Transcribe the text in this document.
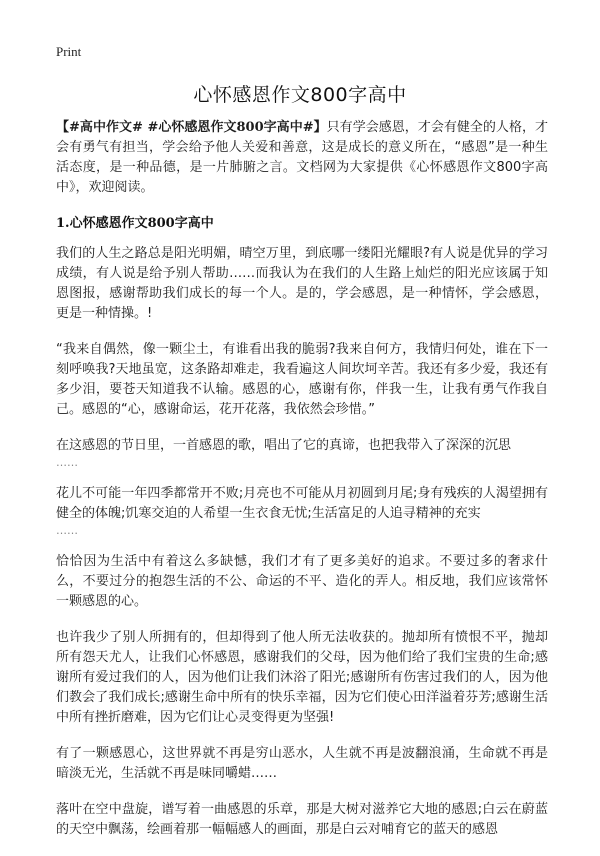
Print
心怀感恩作文800字高中

【#高中作文# #心怀感恩作文800字高中#】只有学会感恩，才会有健全的人格，才会有勇气有担当，学会给予他人关爱和善意，这是成长的意义所在，“感恩”是一种生活态度，是一种品德，是一片肺腑之言。文档网为大家提供《心怀感恩作文800字高中》，欢迎阅读。

1.心怀感恩作文800字高中

我们的人生之路总是阳光明媚，晴空万里，到底哪一缕阳光耀眼?有人说是优异的学习成绩，有人说是给予别人帮助……而我认为在我们的人生路上灿烂的阳光应该属于知恩图报，感谢帮助我们成长的每一个人。是的，学会感恩，是一种情怀，学会感恩，更是一种情操。!

“我来自偶然，像一颗尘土，有谁看出我的脆弱?我来自何方，我情归何处，谁在下一刻呼唤我?天地虽宽，这条路却难走，我看遍这人间坎坷辛苦。我还有多少爱，我还有多少泪，要苍天知道我不认输。感恩的心，感谢有你，伴我一生，让我有勇气作我自己。感恩的“心，感谢命运，花开花落，我依然会珍惜。”

在这感恩的节日里，一首感恩的歌，唱出了它的真谛，也把我带入了深深的沉思
……

花儿不可能一年四季都常开不败;月亮也不可能从月初圆到月尾;身有残疾的人渴望拥有健全的体魄;饥寒交迫的人希望一生衣食无忧;生活富足的人追寻精神的充实
……

恰恰因为生活中有着这么多缺憾，我们才有了更多美好的追求。不要过多的奢求什么，不要过分的抱怨生活的不公、命运的不平、造化的弄人。相反地，我们应该常怀一颗感恩的心。

也许我少了别人所拥有的，但却得到了他人所无法收获的。抛却所有愤恨不平，抛却所有怨天尤人，让我们心怀感恩，感谢我们的父母，因为他们给了我们宝贵的生命;感谢所有爱过我们的人，因为他们让我们沐浴了阳光;感谢所有伤害过我们的人，因为他们教会了我们成长;感谢生命中所有的快乐幸福，因为它们使心田洋溢着芬芳;感谢生活中所有挫折磨难，因为它们让心灵变得更为坚强!

有了一颗感恩心，这世界就不再是穷山恶水，人生就不再是波翻浪涌，生命就不再是暗淡无光，生活就不再是味同嚼蜡……

落叶在空中盘旋，谱写着一曲感恩的乐章，那是大树对滋养它大地的感恩;白云在蔚蓝的天空中飘荡，绘画着那一幅幅感人的画面，那是白云对哺育它的蓝天的感恩
